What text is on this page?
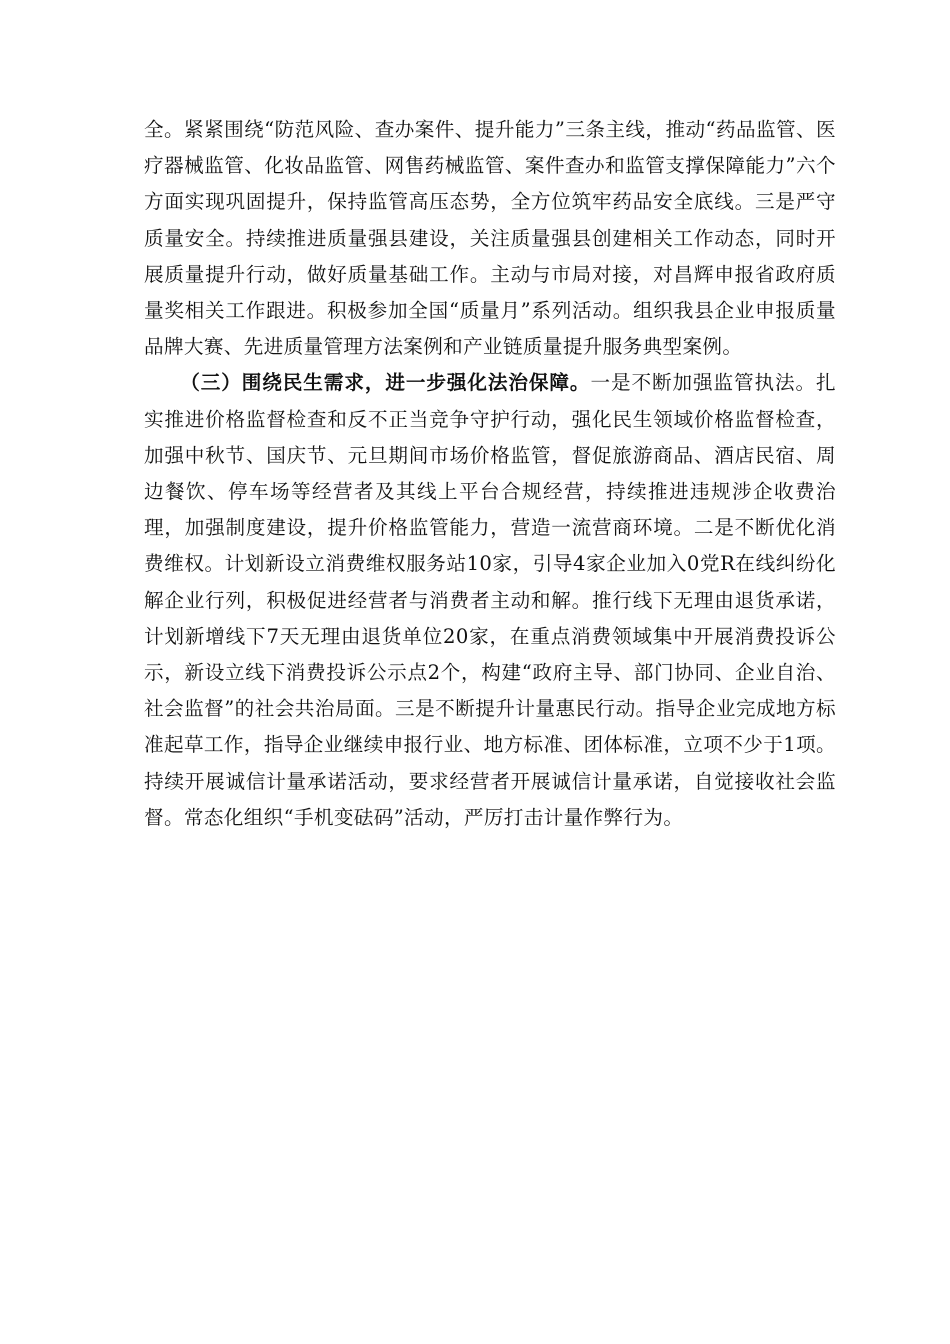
全。紧紧围绕“防范风险、查办案件、提升能力”三条主线，推动“药品监管、医疗器械监管、化妆品监管、网售药械监管、案件查办和监管支撑保障能力”六个方面实现巩固提升，保持监管高压态势，全方位筑牢药品安全底线。三是严守质量安全。持续推进质量强县建设，关注质量强县创建相关工作动态，同时开展质量提升行动，做好质量基础工作。主动与市局对接，对昌辉申报省政府质量奖相关工作跟进。积极参加全国“质量月”系列活动。组织我县企业申报质量品牌大赛、先进质量管理方法案例和产业链质量提升服务典型案例。

（三）围绕民生需求，进一步强化法治保障。一是不断加强监管执法。扎实推进价格监督检查和反不正当竞争守护行动，强化民生领域价格监督检查，加强中秋节、国庆节、元旦期间市场价格监管，督促旅游商品、酒店民宿、周边餐饮、停车场等经营者及其线上平台合规经营，持续推进违规涉企收费治理，加强制度建设，提升价格监管能力，营造一流营商环境。二是不断优化消费维权。计划新设立消费维权服务站10家，引导4家企业加入0党R在线纠纷化解企业行列，积极促进经营者与消费者主动和解。推行线下无理由退货承诺，计划新增线下7天无理由退货单位20家，在重点消费领域集中开展消费投诉公示，新设立线下消费投诉公示点2个，构建“政府主导、部门协同、企业自治、社会监督”的社会共治局面。三是不断提升计量惠民行动。指导企业完成地方标准起草工作，指导企业继续申报行业、地方标准、团体标准，立项不少于1项。持续开展诚信计量承诺活动，要求经营者开展诚信计量承诺，自觉接收社会监督。常态化组织“手机变砝码”活动，严厉打击计量作弊行为。
